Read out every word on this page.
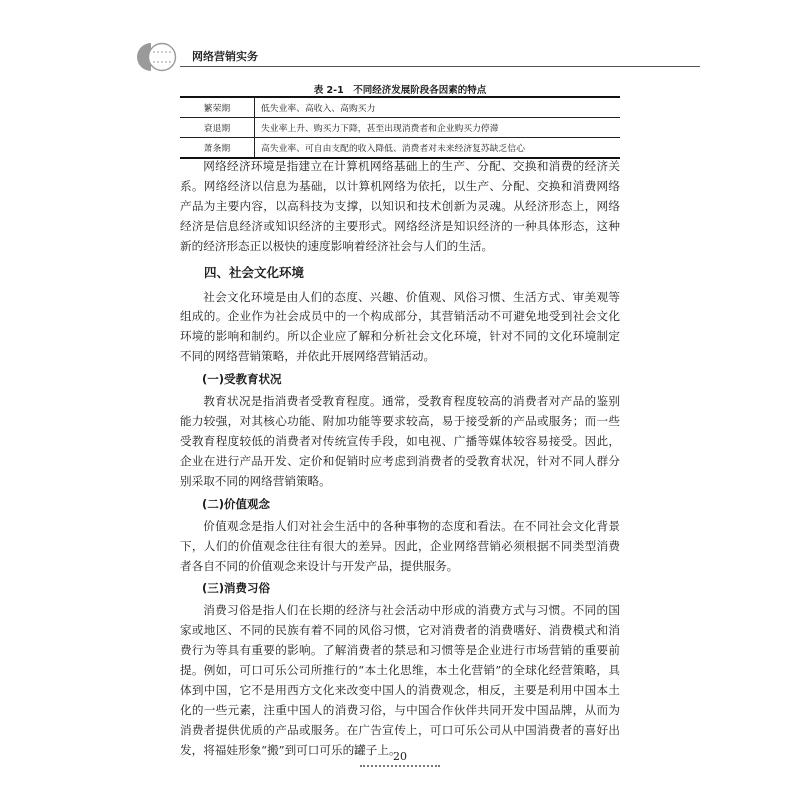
网络营销实务
表 2-1　不同经济发展阶段各因素的特点
繁荣期	低失业率、高收入、高购买力
衰退期	失业率上升、购买力下降，甚至出现消费者和企业购买力停滞
萧条期	高失业率、可自由支配的收入降低、消费者对未来经济复苏缺乏信心

网络经济环境是指建立在计算机网络基础上的生产、分配、交换和消费的经济关系。网络经济以信息为基础，以计算机网络为依托，以生产、分配、交换和消费网络产品为主要内容，以高科技为支撑，以知识和技术创新为灵魂。从经济形态上，网络经济是信息经济或知识经济的主要形式。网络经济是知识经济的一种具体形态，这种新的经济形态正以极快的速度影响着经济社会与人们的生活。

四、社会文化环境

社会文化环境是由人们的态度、兴趣、价值观、风俗习惯、生活方式、审美观等组成的。企业作为社会成员中的一个构成部分，其营销活动不可避免地受到社会文化环境的影响和制约。所以企业应了解和分析社会文化环境，针对不同的文化环境制定不同的网络营销策略，并依此开展网络营销活动。

(一)受教育状况

教育状况是指消费者受教育程度。通常，受教育程度较高的消费者对产品的鉴别能力较强，对其核心功能、附加功能等要求较高，易于接受新的产品或服务；而一些受教育程度较低的消费者对传统宣传手段，如电视、广播等媒体较容易接受。因此，企业在进行产品开发、定价和促销时应考虑到消费者的受教育状况，针对不同人群分别采取不同的网络营销策略。

(二)价值观念

价值观念是指人们对社会生活中的各种事物的态度和看法。在不同社会文化背景下，人们的价值观念往往有很大的差异。因此，企业网络营销必须根据不同类型消费者各自不同的价值观念来设计与开发产品，提供服务。

(三)消费习俗

消费习俗是指人们在长期的经济与社会活动中形成的消费方式与习惯。不同的国家或地区、不同的民族有着不同的风俗习惯，它对消费者的消费嗜好、消费模式和消费行为等具有重要的影响。了解消费者的禁忌和习惯等是企业进行市场营销的重要前提。例如，可口可乐公司所推行的“本土化思维，本土化营销”的全球化经营策略，具体到中国，它不是用西方文化来改变中国人的消费观念，相反，主要是利用中国本土化的一些元素，注重中国人的消费习俗，与中国合作伙伴共同开发中国品牌，从而为消费者提供优质的产品或服务。在广告宣传上，可口可乐公司从中国消费者的喜好出发，将福娃形象“搬”到可口可乐的罐子上。

20
